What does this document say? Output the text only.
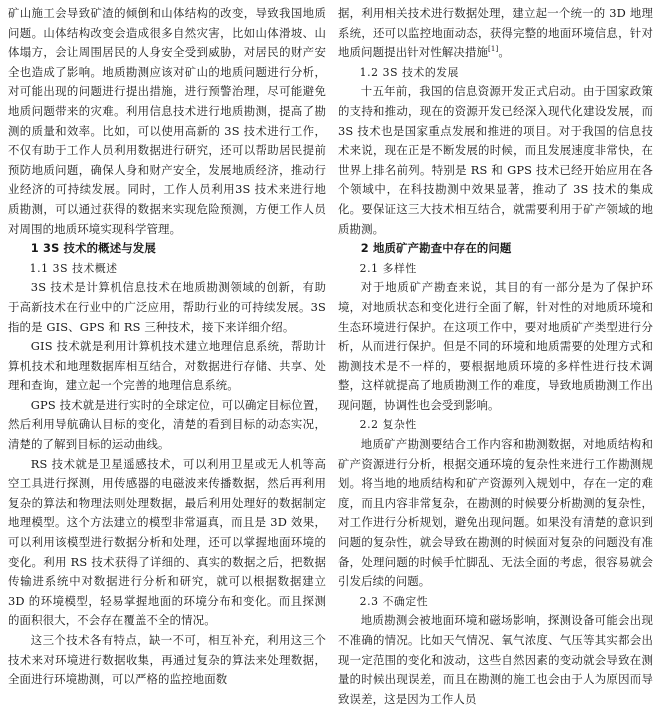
矿山施工会导致矿渣的倾倒和山体结构的改变，导致我国地质问题。山体结构改变会造成很多自然灾害，比如山体滑坡、山体塌方，会让周围居民的人身安全受到威胁，对居民的财产安全也造成了影响。地质勘测应该对矿山的地质问题进行分析，对可能出现的问题进行提出措施，进行预警治理，尽可能避免地质问题带来的灾难。利用信息技术进行地质勘测，提高了勘测的质量和效率。比如，可以使用高新的 3S 技术进行工作，不仅有助于工作人员利用数据进行研究，还可以帮助居民提前预防地质问题，确保人身和财产安全，发展地质经济，推动行业经济的可持续发展。同时，工作人员利用3S 技术来进行地质勘测，可以通过获得的数据来实现危险预测，方便工作人员对周围的地质环境实现科学管理。

1 3S 技术的概述与发展
1.1 3S 技术概述

3S 技术是计算机信息技术在地质勘测领域的创新，有助于高新技术在行业中的广泛应用，帮助行业的可持续发展。3S 指的是 GIS、GPS 和 RS 三种技术，接下来详细介绍。

GIS 技术就是利用计算机技术建立地理信息系统，帮助计算机技术和地理数据库相互结合，对数据进行存储、共享、处理和查询，建立起一个完善的地理信息系统。

GPS 技术就是进行实时的全球定位，可以确定目标位置，然后利用导航确认目标的变化，清楚的看到目标的动态实况，清楚的了解到目标的运动曲线。

RS 技术就是卫星遥感技术，可以利用卫星或无人机等高空工具进行探测，用传感器的电磁波来传播数据，然后再利用复杂的算法和物理法则处理数据，最后利用处理好的数据制定地理模型。这个方法建立的模型非常逼真，而且是 3D 效果，可以利用该模型进行数据分析和处理，还可以掌握地面环境的变化。利用 RS 技术获得了详细的、真实的数据之后，把数据传输进系统中对数据进行分析和研究，就可以根据数据建立 3D 的环境模型，轻易掌握地面的环境分布和变化。而且探测的面积很大，不会存在覆盖不全的情况。

这三个技术各有特点，缺一不可，相互补充，利用这三个技术来对环境进行数据收集，再通过复杂的算法来处理数据，全面进行环境勘测，可以严格的监控地面数

据，利用相关技术进行数据处理，建立起一个统一的 3D 地理系统，还可以监控地面动态，获得完整的地面环境信息，针对地质问题提出针对性解决措施[1]。

1.2 3S 技术的发展

十五年前，我国的信息资源开发正式启动。由于国家政策的支持和推动，现在的资源开发已经深入现代化建设发展，而 3S 技术也是国家重点发展和推进的项目。对于我国的信息技术来说，现在正是不断发展的时候，而且发展速度非常快，在世界上排名前列。特别是 RS 和 GPS 技术已经开始应用在各个领域中，在科技勘测中效果显著，推动了 3S 技术的集成化。要保证这三大技术相互结合，就需要利用于矿产领域的地质勘测。

2 地质矿产勘查中存在的问题
2.1 多样性

对于地质矿产勘查来说，其目的有一部分是为了保护环境，对地质状态和变化进行全面了解，针对性的对地质环境和生态环境进行保护。在这项工作中，要对地质矿产类型进行分析，从而进行保护。但是不同的环境和地质需要的处理方式和勘测技术是不一样的，要根据地质环境的多样性进行技术调整，这样就提高了地质勘测工作的难度，导致地质勘测工作出现问题，协调性也会受到影响。

2.2 复杂性

地质矿产勘测要结合工作内容和勘测数据，对地质结构和矿产资源进行分析，根据交通环境的复杂性来进行工作勘测规划。将当地的地质结构和矿产资源列入规划中，存在一定的难度，而且内容非常复杂，在勘测的时候要分析勘测的复杂性，对工作进行分析规划，避免出现问题。如果没有清楚的意识到问题的复杂性，就会导致在勘测的时候面对复杂的问题没有准备，处理问题的时候手忙脚乱、无法全面的考虑，很容易就会引发后续的问题。

2.3 不确定性

地质勘测会被地面环境和磁场影响，探测设备可能会出现不准确的情况。比如天气情况、氧气浓度、气压等其实都会出现一定范围的变化和波动，这些自然因素的变动就会导致在测量的时候出现误差，而且在勘测的施工也会由于人为原因而导致误差，这是因为工作人员
